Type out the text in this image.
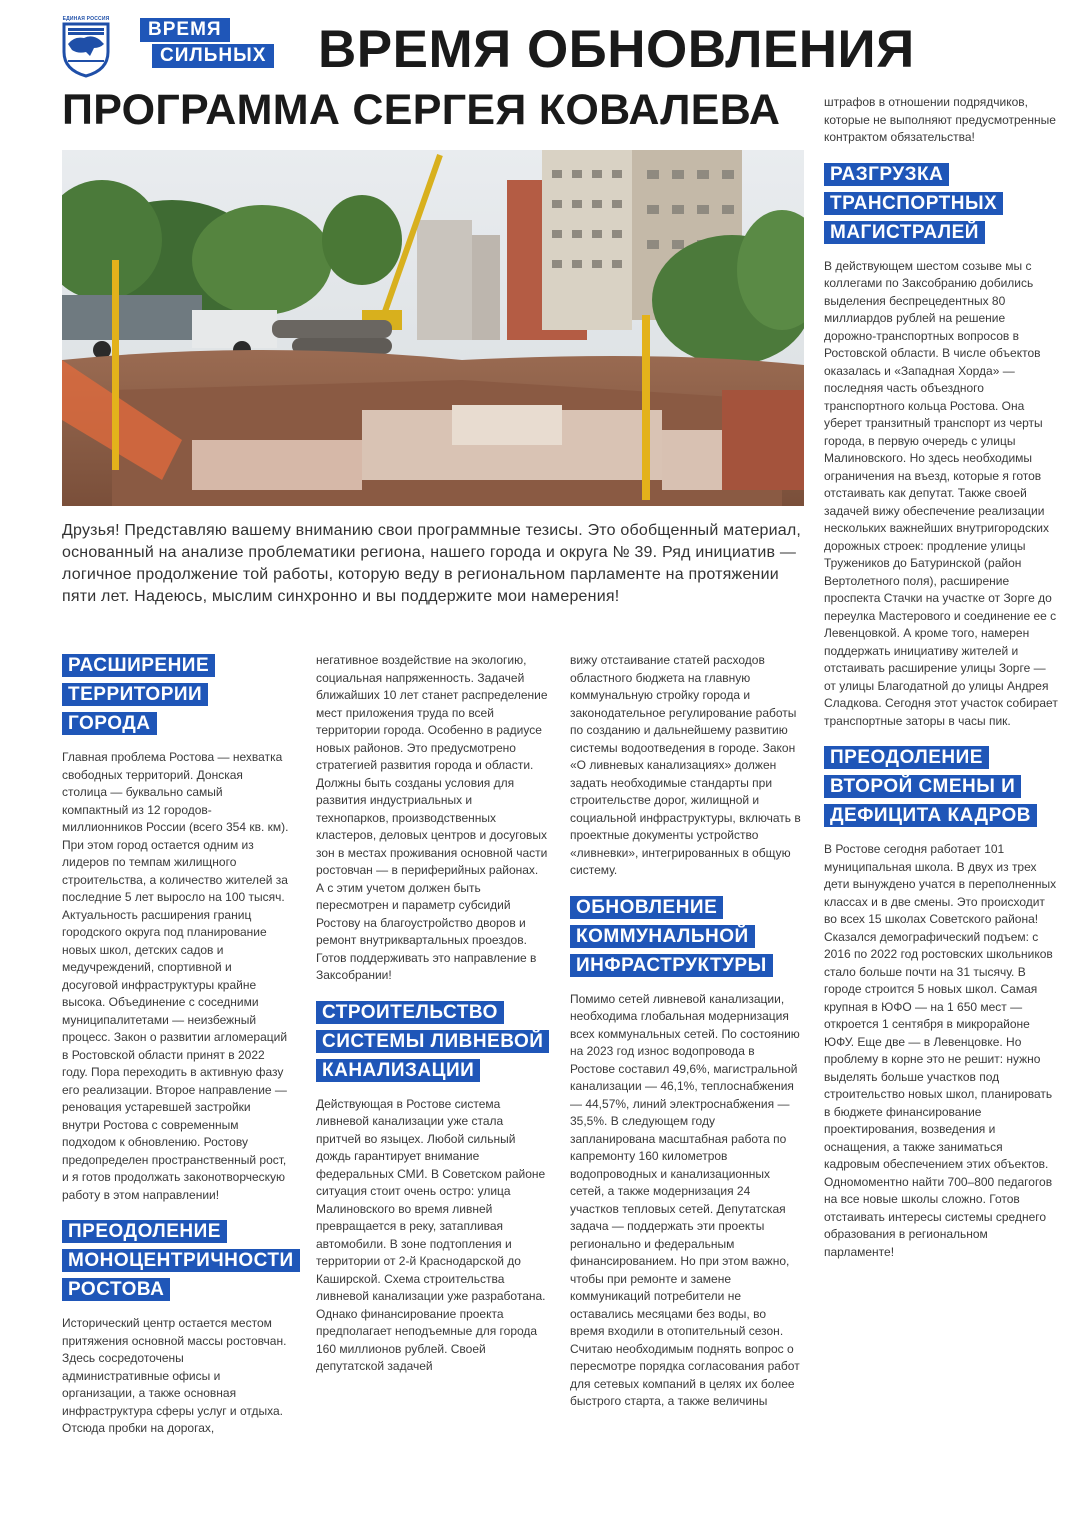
ЕДИНАЯ РОССИЯ	ВРЕМЯ
СИЛЬНЫХ ВРЕМЯ ОБНОВЛЕНИЯ
ПРОГРАММА СЕРГЕЯ КОВАЛЕВА

Друзья! Представляю вашему вниманию свои программные тезисы. Это обобщенный материал, основанный на анализе проблематики региона, нашего города и округа № 39. Ряд инициатив — логичное продолжение той работы, которую веду в региональном парламенте на протяжении пяти лет. Надеюсь, мыслим синхронно и вы поддержите мои намерения!

РАСШИРЕНИЕ ТЕРРИТОРИИ ГОРОДА

Главная проблема Ростова — нехватка свободных территорий. Донская столица — буквально самый компактный из 12 городов-миллионников России (всего 354 кв. км). При этом город остается одним из лидеров по темпам жилищного строительства, а количество жителей за последние 5 лет выросло на 100 тысяч. Актуальность расширения границ городского округа под планирование новых школ, детских садов и медучреждений, спортивной и досуговой инфраструктуры крайне высока. Объединение с соседними муниципалитетами — неизбежный процесс. Закон о развитии агломераций в Ростовской области принят в 2022 году. Пора переходить в активную фазу его реализации. Второе направление — реновация устаревшей застройки внутри Ростова с современным подходом к обновлению. Ростову предопределен пространственный рост, и я готов продолжать законотворческую работу в этом направлении!

ПРЕОДОЛЕНИЕ МОНОЦЕНТРИЧНОСТИ РОСТОВА

Исторический центр остается местом притяжения основной массы ростовчан. Здесь сосредоточены административные офисы и организации, а также основная инфраструктура сферы услуг и отдыха. Отсюда пробки на дорогах,

негативное воздействие на экологию, социальная напряженность. Задачей ближайших 10 лет станет распределение мест приложения труда по всей территории города. Особенно в радиусе новых районов. Это предусмотрено стратегией развития города и области. Должны быть созданы условия для развития индустриальных и технопарков, производственных кластеров, деловых центров и досуговых зон в местах проживания основной части ростовчан — в периферийных районах. А с этим учетом должен быть пересмотрен и параметр субсидий Ростову на благоустройство дворов и ремонт внутриквартальных проездов. Готов поддерживать это направление в Заксобрании!

СТРОИТЕЛЬСТВО СИСТЕМЫ ЛИВНЕВОЙ КАНАЛИЗАЦИИ

Действующая в Ростове система ливневой канализации уже стала притчей во языцех. Любой сильный дождь гарантирует внимание федеральных СМИ. В Советском районе ситуация стоит очень остро: улица Малиновского во время ливней превращается в реку, затапливая автомобили. В зоне подтопления и территории от 2-й Краснодарской до Каширской. Схема строительства ливневой канализации уже разработана. Однако финансирование проекта предполагает неподъемные для города 160 миллионов рублей. Своей депутатской задачей

вижу отстаивание статей расходов областного бюджета на главную коммунальную стройку города и законодательное регулирование работы по созданию и дальнейшему развитию системы водоотведения в городе. Закон «О ливневых канализациях» должен задать необходимые стандарты при строительстве дорог, жилищной и социальной инфраструктуры, включать в проектные документы устройство «ливневки», интегрированных в общую систему.

ОБНОВЛЕНИЕ КОММУНАЛЬНОЙ ИНФРАСТРУКТУРЫ

Помимо сетей ливневой канализации, необходима глобальная модернизация всех коммунальных сетей. По состоянию на 2023 год износ водопровода в Ростове составил 49,6%, магистральной канализации — 46,1%, теплоснабжения — 44,57%, линий электроснабжения — 35,5%. В следующем году запланирована масштабная работа по капремонту 160 километров водопроводных и канализационных сетей, а также модернизация 24 участков тепловых сетей. Депутатская задача — поддержать эти проекты регионально и федеральным финансированием. Но при этом важно, чтобы при ремонте и замене коммуникаций потребители не оставались месяцами без воды, во время входили в отопительный сезон. Считаю необходимым поднять вопрос о пересмотре порядка согласования работ для сетевых компаний в целях их более быстрого старта, а также величины

штрафов в отношении подрядчиков, которые не выполняют предусмотренные контрактом обязательства!

РАЗГРУЗКА ТРАНСПОРТНЫХ МАГИСТРАЛЕЙ

В действующем шестом созыве мы с коллегами по Заксобранию добились выделения беспрецедентных 80 миллиардов рублей на решение дорожно-транспортных вопросов в Ростовской области. В числе объектов оказалась и «Западная Хорда» — последняя часть объездного транспортного кольца Ростова. Она уберет транзитный транспорт из черты города, в первую очередь с улицы Малиновского. Но здесь необходимы ограничения на въезд, которые я готов отстаивать как депутат. Также своей задачей вижу обеспечение реализации нескольких важнейших внутригородских дорожных строек: продление улицы Тружеников до Батуринской (район Вертолетного поля), расширение проспекта Стачки на участке от Зорге до переулка Мастерового и соединение ее с Левенцовкой. А кроме того, намерен поддержать инициативу жителей и отстаивать расширение улицы Зорге — от улицы Благодатной до улицы Андрея Сладкова. Сегодня этот участок собирает транспортные заторы в часы пик.

ПРЕОДОЛЕНИЕ ВТОРОЙ СМЕНЫ И ДЕФИЦИТА КАДРОВ

В Ростове сегодня работает 101 муниципальная школа. В двух из трех дети вынуждено учатся в переполненных классах и в две смены. Это происходит во всех 15 школах Советского района! Сказался демографический подъем: с 2016 по 2022 год ростовских школьников стало больше почти на 31 тысячу. В городе строится 5 новых школ. Самая крупная в ЮФО — на 1 650 мест — откроется 1 сентября в микрорайоне ЮФУ. Еще две — в Левенцовке. Но проблему в корне это не решит: нужно выделять больше участков под строительство новых школ, планировать в бюджете финансирование проектирования, возведения и оснащения, а также заниматься кадровым обеспечением этих объектов. Одномоментно найти 700–800 педагогов на все новые школы сложно. Готов отстаивать интересы системы среднего образования в региональном парламенте!
